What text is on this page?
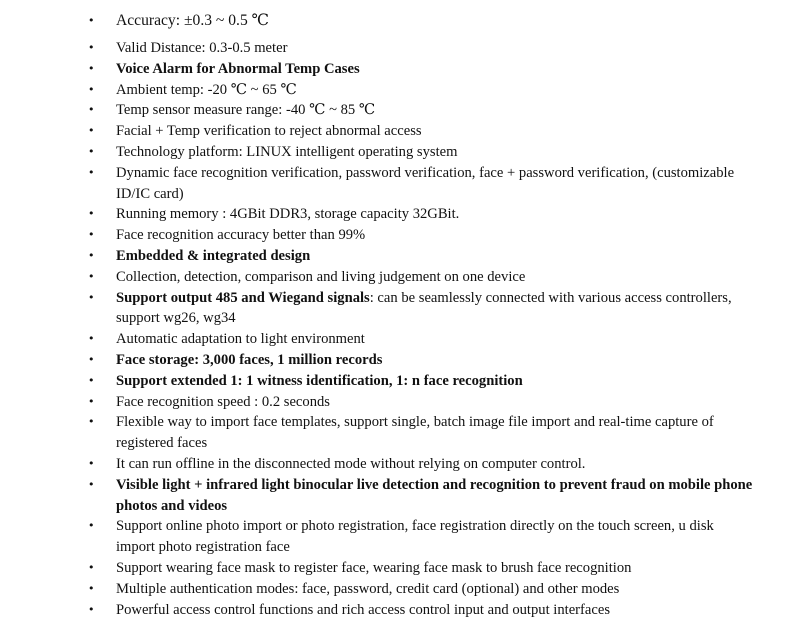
• Accuracy: ±0.3 ~ 0.5 ℃
• Valid Distance: 0.3-0.5 meter
• Voice Alarm for Abnormal Temp Cases
• Ambient temp: -20 ℃ ~ 65 ℃
• Temp sensor measure range: -40 ℃ ~ 85 ℃
• Facial + Temp verification to reject abnormal access
• Technology platform: LINUX intelligent operating system
• Dynamic face recognition verification, password verification, face + password verification, (customizable ID/IC card)
• Running memory : 4GBit DDR3, storage capacity 32GBit.
• Face recognition accuracy better than 99%
• Embedded & integrated design
• Collection, detection, comparison and living judgement on one device
• Support output 485 and Wiegand signals: can be seamlessly connected with various access controllers, support wg26, wg34
• Automatic adaptation to light environment
• Face storage: 3,000 faces, 1 million records
• Support extended 1: 1 witness identification, 1: n face recognition
• Face recognition speed : 0.2 seconds
• Flexible way to import face templates, support single, batch image file import and real-time capture of registered faces
• It can run offline in the disconnected mode without relying on computer control.
• Visible light + infrared light binocular live detection and recognition to prevent fraud on mobile phone photos and videos
• Support online photo import or photo registration, face registration directly on the touch screen, u disk import photo registration face
• Support wearing face mask to register face, wearing face mask to brush face recognition
• Multiple authentication modes: face, password, credit card (optional) and other modes
• Powerful access control functions and rich access control input and output interfaces
